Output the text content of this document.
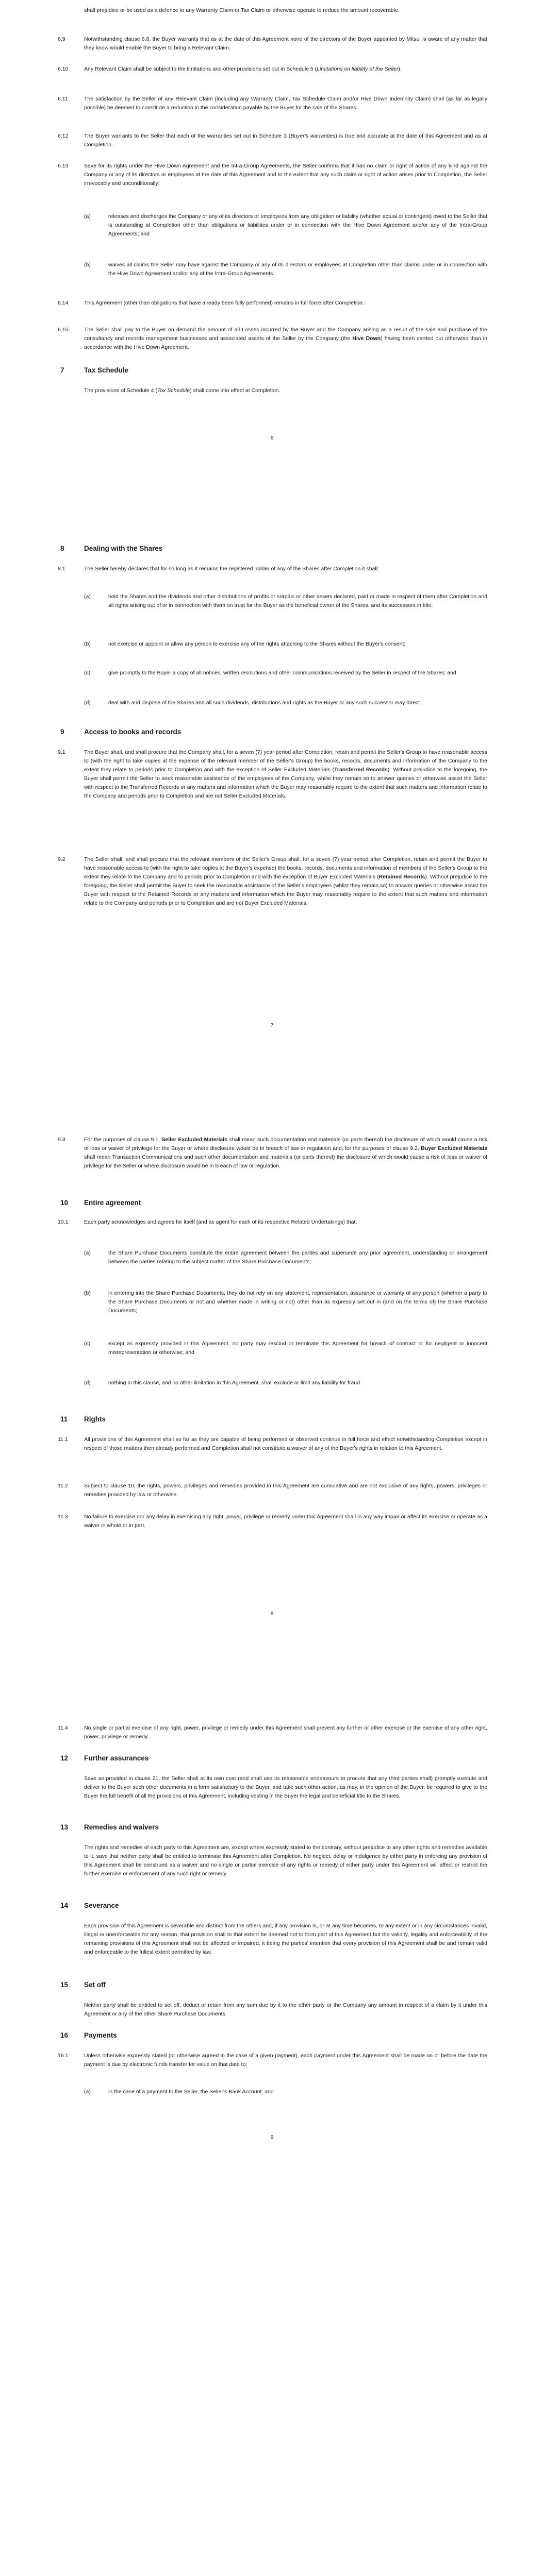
shall prejudice or be used as a defence to any Warranty Claim or Tax Claim or otherwise operate to reduce the amount recoverable.

6.9	Notwithstanding clause 6.8, the Buyer warrants that as at the date of this Agreement none of the directors of the Buyer appointed by Mitsui is aware of any matter that they know would enable the Buyer to bring a Relevant Claim.

6.10	Any Relevant Claim shall be subject to the limitations and other provisions set out in Schedule 5 (Limitations on liability of the Seller).

6.11	The satisfaction by the Seller of any Relevant Claim (including any Warranty Claim, Tax Schedule Claim and/or Hive Down Indemnity Claim) shall (as far as legally possible) be deemed to constitute a reduction in the consideration payable by the Buyer for the sale of the Shares.

6.12	The Buyer warrants to the Seller that each of the warranties set out in Schedule 3 (Buyer's warranties) is true and accurate at the date of this Agreement and as at Completion.

6.13	Save for its rights under the Hive Down Agreement and the Intra-Group Agreements, the Seller confirms that it has no claim or right of action of any kind against the Company or any of its directors or employees at the date of this Agreement and to the extent that any such claim or right of action arises prior to Completion, the Seller irrevocably and unconditionally:

(a)	releases and discharges the Company or any of its directors or employees from any obligation or liability (whether actual or contingent) owed to the Seller that is outstanding at Completion other than obligations or liabilities under or in connection with the Hive Down Agreement and/or any of the Intra-Group Agreements; and

(b)	waives all claims the Seller may have against the Company or any of its directors or employees at Completion other than claims under or in connection with the Hive Down Agreement and/or any of the Intra-Group Agreements.

6.14	This Agreement (other than obligations that have already been fully performed) remains in full force after Completion.

6.15	The Seller shall pay to the Buyer on demand the amount of all Losses incurred by the Buyer and the Company arising as a result of the sale and purchase of the consultancy and records management businesses and associated assets of the Seller by the Company (the Hive Down) having been carried out otherwise than in accordance with the Hive Down Agreement.

7	Tax Schedule

The provisions of Schedule 4 (Tax Schedule) shall come into effect at Completion.

6
8	Dealing with the Shares
8.1	The Seller hereby declares that for so long as it remains the registered holder of any of the Shares after Completion it shall:

(a)	hold the Shares and the dividends and other distributions of profits or surplus or other assets declared, paid or made in respect of them after Completion and all rights arising out of or in connection with them on trust for the Buyer as the beneficial owner of the Shares, and its successors in title;

(b)	not exercise or appoint or allow any person to exercise any of the rights attaching to the Shares without the Buyer's consent;

(c)	give promptly to the Buyer a copy of all notices, written resolutions and other communications received by the Seller in respect of the Shares; and

(d)	deal with and dispose of the Shares and all such dividends, distributions and rights as the Buyer or any such successor may direct.

9	Access to books and records
9.1	The Buyer shall, and shall procure that the Company shall, for a seven (7) year period after Completion, retain and permit the Seller's Group to have reasonable access to (with the right to take copies at the expense of the relevant member of the Seller's Group) the books, records, documents and information of the Company to the extent they relate to periods prior to Completion and with the exception of Seller Excluded Materials (Transferred Records). Without prejudice to the foregoing, the Buyer shall permit the Seller to seek reasonable assistance of the employees of the Company, whilst they remain so to answer queries or otherwise assist the Seller with respect to the Transferred Records or any matters and information which the Buyer may reasonably require to the extent that such matters and information relate to the Company and periods prior to Completion and are not Seller Excluded Materials.

9.2	The Seller shall, and shall procure that the relevant members of the Seller's Group shall, for a seven (7) year period after Completion, retain and permit the Buyer to have reasonable access to (with the right to take copies at the Buyer's expense) the books, records, documents and information of members of the Seller's Group to the extent they relate to the Company and to periods prior to Completion and with the exception of Buyer Excluded Materials (Retained Records). Without prejudice to the foregoing, the Seller shall permit the Buyer to seek the reasonable assistance of the Seller's employees (whilst they remain so) to answer queries or otherwise assist the Buyer with respect to the Retained Records or any matters and information which the Buyer may reasonably require to the extent that such matters and information relate to the Company and periods prior to Completion and are not Buyer Excluded Materials.

7
9.3	For the purposes of clause 9.1, Seller Excluded Materials shall mean such documentation and materials (or parts thereof) the disclosure of which would cause a risk of loss or waiver of privilege for the Buyer or where disclosure would be in breach of law or regulation and, for the purposes of clause 9.2, Buyer Excluded Materials shall mean Transaction Communications and such other documentation and materials (or parts thereof) the disclosure of which would cause a risk of loss or waiver of privilege for the Seller or where disclosure would be in breach of law or regulation.

10 Entire agreement
10.1	Each party acknowledges and agrees for itself (and as agent for each of its respective Related Undertakings) that:

(a)	the Share Purchase Documents constitute the entire agreement between the parties and supersede any prior agreement, understanding or arrangement between the parties relating to the subject matter of the Share Purchase Documents;

(b)	in entering into the Share Purchase Documents, they do not rely on any statement, representation, assurance or warranty of any person (whether a party to the Share Purchase Documents or not and whether made in writing or not) other than as expressly set out in (and on the terms of) the Share Purchase Documents;

(c)	except as expressly provided in this Agreement, no party may rescind or terminate this Agreement for breach of contract or for negligent or innocent misrepresentation or otherwise; and

(d)	nothing in this clause, and no other limitation in this Agreement, shall exclude or limit any liability for fraud.

11 Rights
11.1	All provisions of this Agreement shall so far as they are capable of being performed or observed continue in full force and effect notwithstanding Completion except in respect of those matters then already performed and Completion shall not constitute a waiver of any of the Buyer's rights in relation to this Agreement.

11.2	Subject to clause 10, the rights, powers, privileges and remedies provided in this Agreement are cumulative and are not exclusive of any rights, powers, privileges or remedies provided by law or otherwise.

11.3	No failure to exercise nor any delay in exercising any right, power, privilege or remedy under this Agreement shall in any way impair or affect its exercise or operate as a waiver in whole or in part.

8
11.4	No single or partial exercise of any right, power, privilege or remedy under this Agreement shall prevent any further or other exercise or the exercise of any other right, power, privilege or remedy.

12 Further assurances

Save as provided in clause 21, the Seller shall at its own cost (and shall use its reasonable endeavours to procure that any third parties shall) promptly execute and deliver to the Buyer such other documents in a form satisfactory to the Buyer, and take such other action, as may, in the opinion of the Buyer, be required to give to the Buyer the full benefit of all the provisions of this Agreement, including vesting in the Buyer the legal and beneficial title to the Shares.

13 Remedies and waivers

The rights and remedies of each party to this Agreement are, except where expressly stated to the contrary, without prejudice to any other rights and remedies available to it, save that neither party shall be entitled to terminate this Agreement after Completion. No neglect, delay or indulgence by either party in enforcing any provision of this Agreement shall be construed as a waiver and no single or partial exercise of any rights or remedy of either party under this Agreement will affect or restrict the further exercise or enforcement of any such right or remedy.

14 Severance

Each provision of this Agreement is severable and distinct from the others and, if any provision is, or at any time becomes, to any extent or in any circumstances invalid, illegal or unenforceable for any reason, that provision shall to that extent be deemed not to form part of this Agreement but the validity, legality and enforceability of the remaining provisions of this Agreement shall not be affected or impaired, it being the parties' intention that every provision of this Agreement shall be and remain valid and enforceable to the fullest extent permitted by law.

15 Set off

Neither party shall be entitled to set off, deduct or retain from any sum due by it to the other party or the Company any amount in respect of a claim by it under this Agreement or any of the other Share Purchase Documents.

16 Payments
16.1	Unless otherwise expressly stated (or otherwise agreed in the case of a given payment), each payment under this Agreement shall be made on or before the date the payment is due by electronic funds transfer for value on that date to:

(a)	in the case of a payment to the Seller, the Seller's Bank Account; and

9
